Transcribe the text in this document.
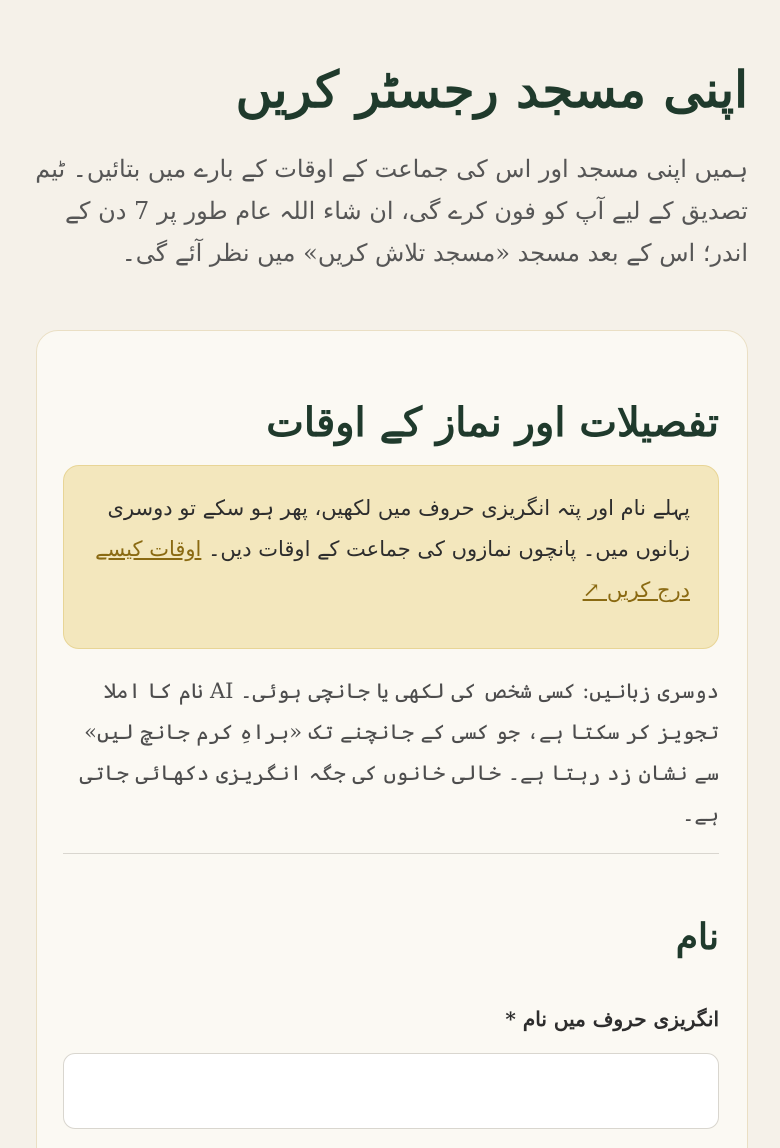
اپنی مسجد رجسٹر کریں

ہمیں اپنی مسجد اور اس کی جماعت کے اوقات کے بارے میں بتائیں۔ ٹیم تصدیق کے لیے آپ کو فون کرے گی، ان شاء اللہ عام طور پر 7 دن کے اندر؛ اس کے بعد مسجد «مسجد تلاش کریں» میں نظر آئے گی۔

تفصیلات اور نماز کے اوقات
پہلے نام اور پتہ انگریزی حروف میں لکھیں، پھر ہو سکے تو دوسری زبانوں میں۔ پانچوں نمازوں کی جماعت کے اوقات دیں۔ اوقات کیسے درج کریں ↗

دوسری زبانیں: کسی شخص کی لکھی یا جانچی ہوئی۔ AI نام کا املا تجویز کر سکتا ہے، جو کسی کے جانچنے تک «براہِ کرم جانچ لیں» سے نشان زد رہتا ہے۔ خالی خانوں کی جگہ انگریزی دکھائی جاتی ہے۔

نام
انگریزی حروف میں نام *
